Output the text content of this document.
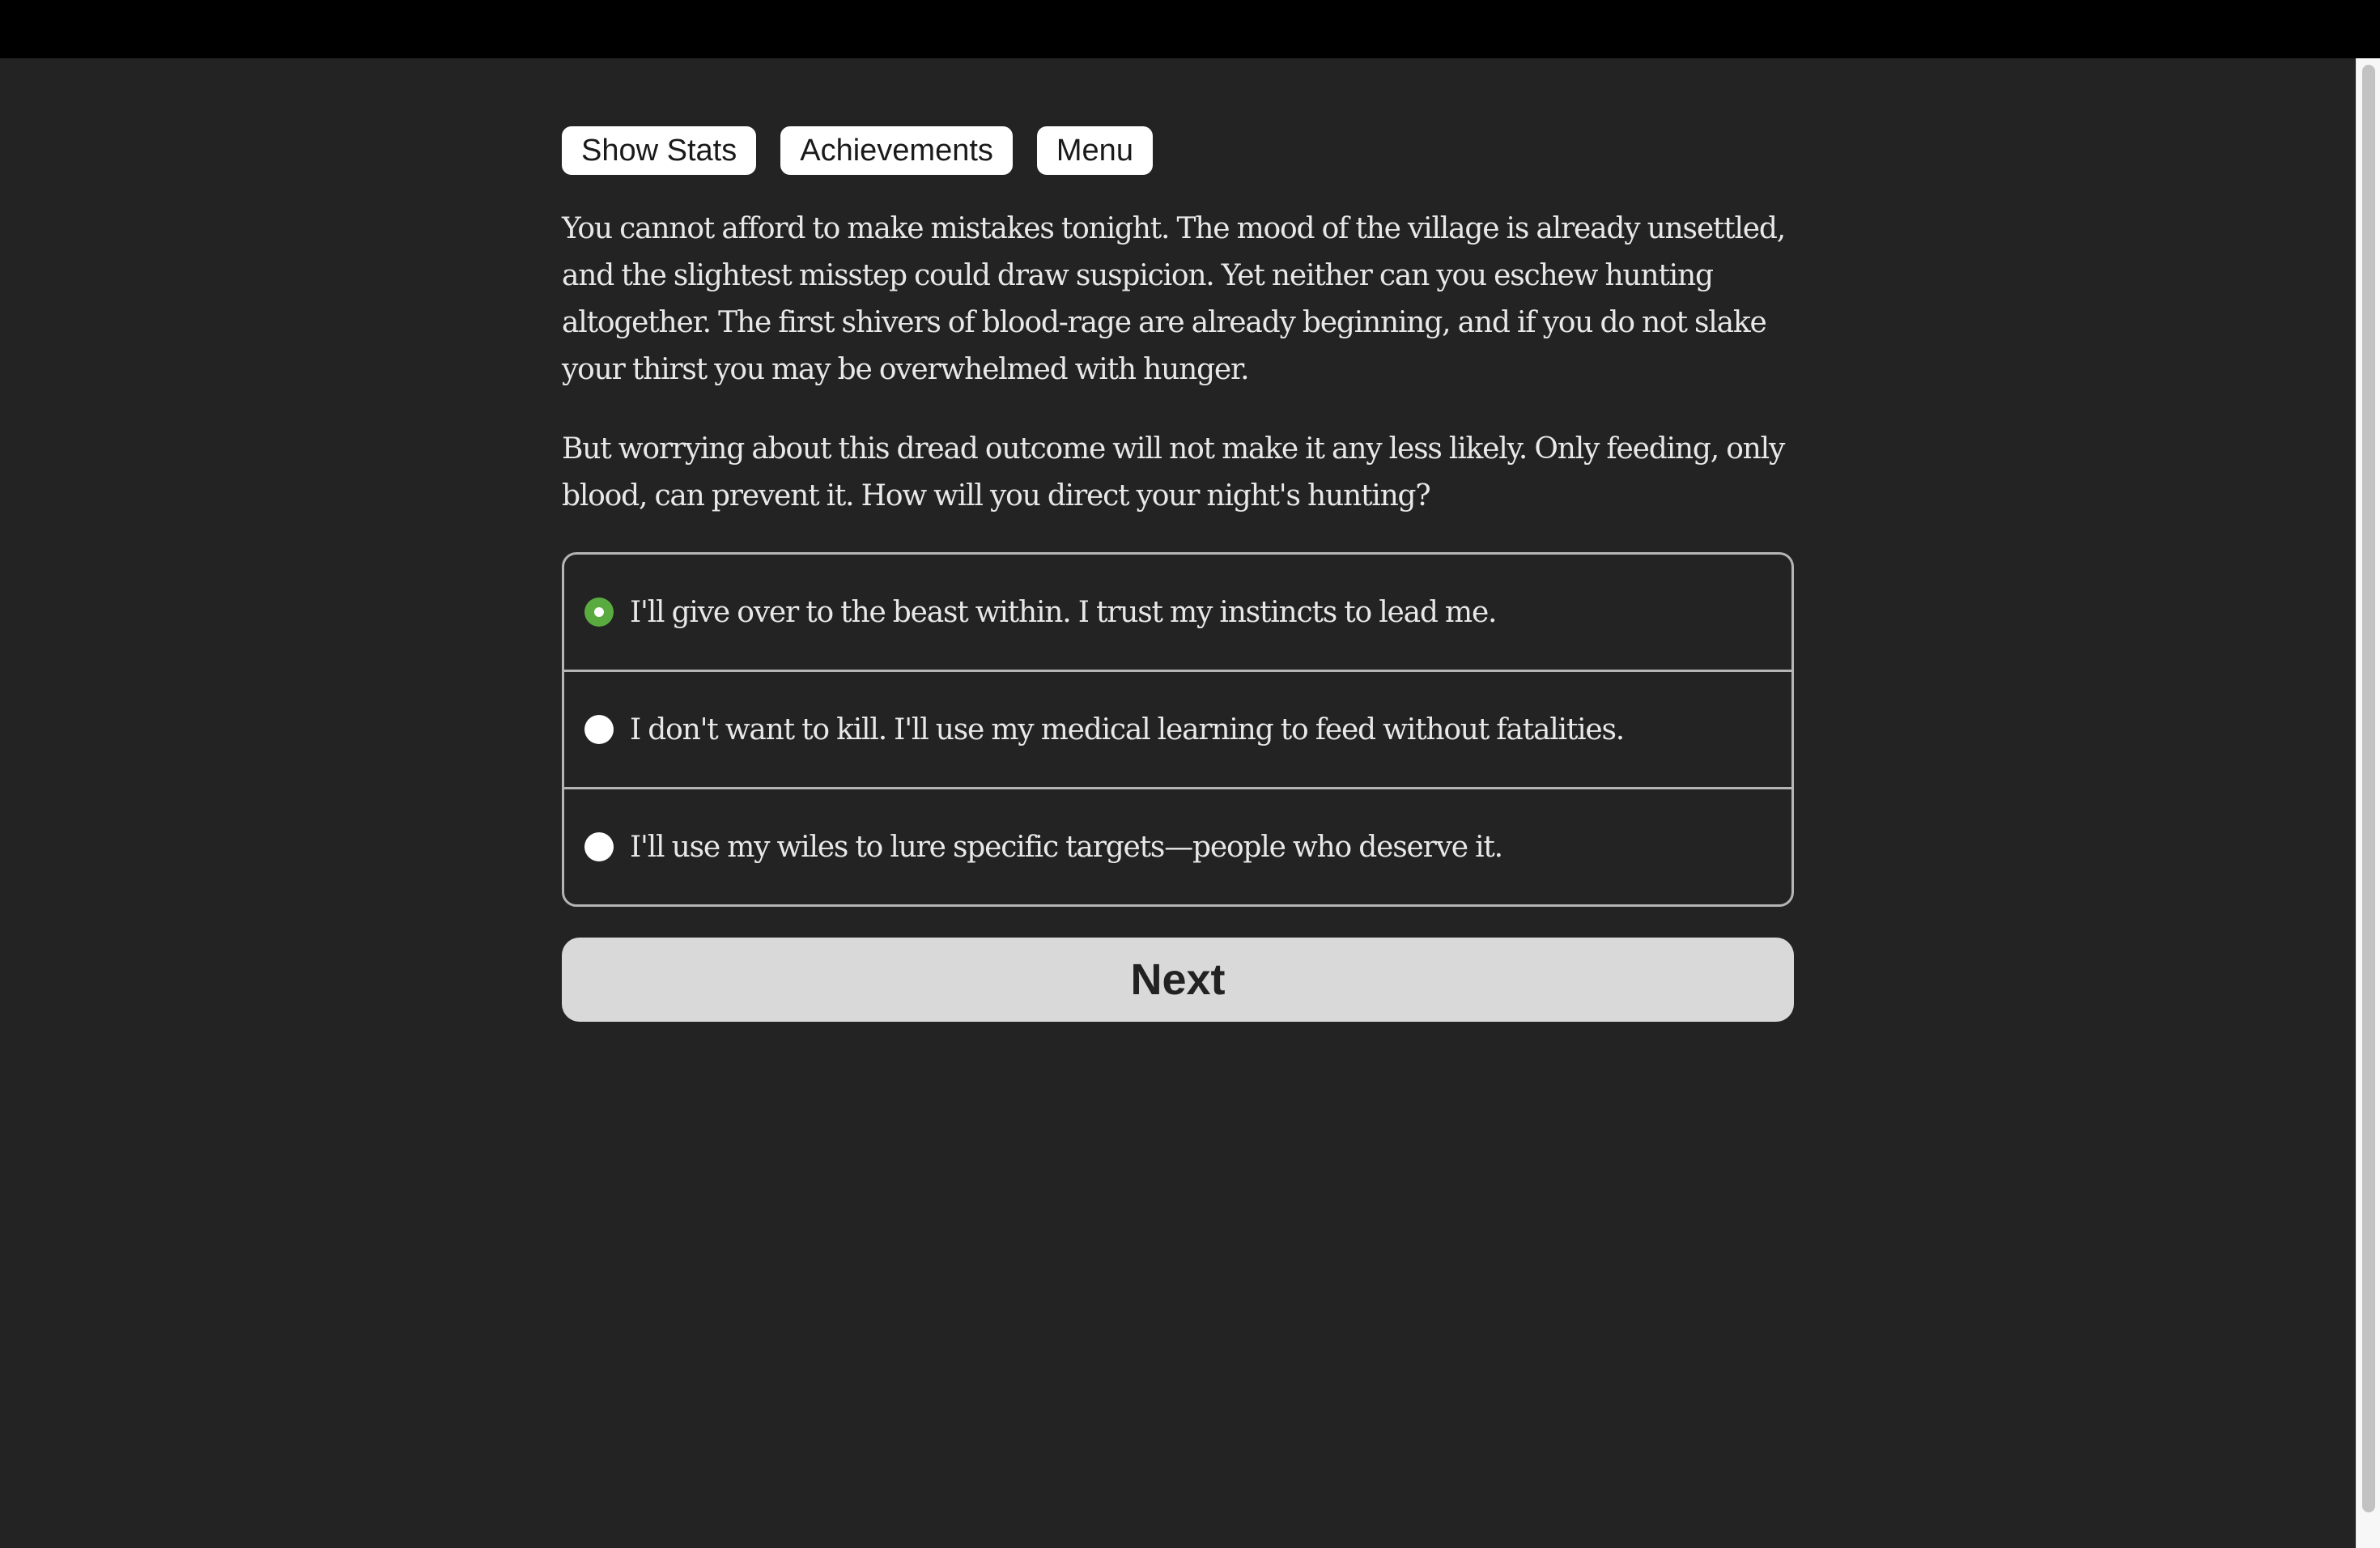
Show Stats	Achievements	Menu

You cannot afford to make mistakes tonight. The mood of the village is already unsettled, and the slightest misstep could draw suspicion. Yet neither can you eschew hunting altogether. The first shivers of blood-rage are already beginning, and if you do not slake your thirst you may be overwhelmed with hunger.

But worrying about this dread outcome will not make it any less likely. Only feeding, only blood, can prevent it. How will you direct your night's hunting?

I'll give over to the beast within. I trust my instincts to lead me.
I don't want to kill. I'll use my medical learning to feed without fatalities.
I'll use my wiles to lure specific targets—people who deserve it.
Next
